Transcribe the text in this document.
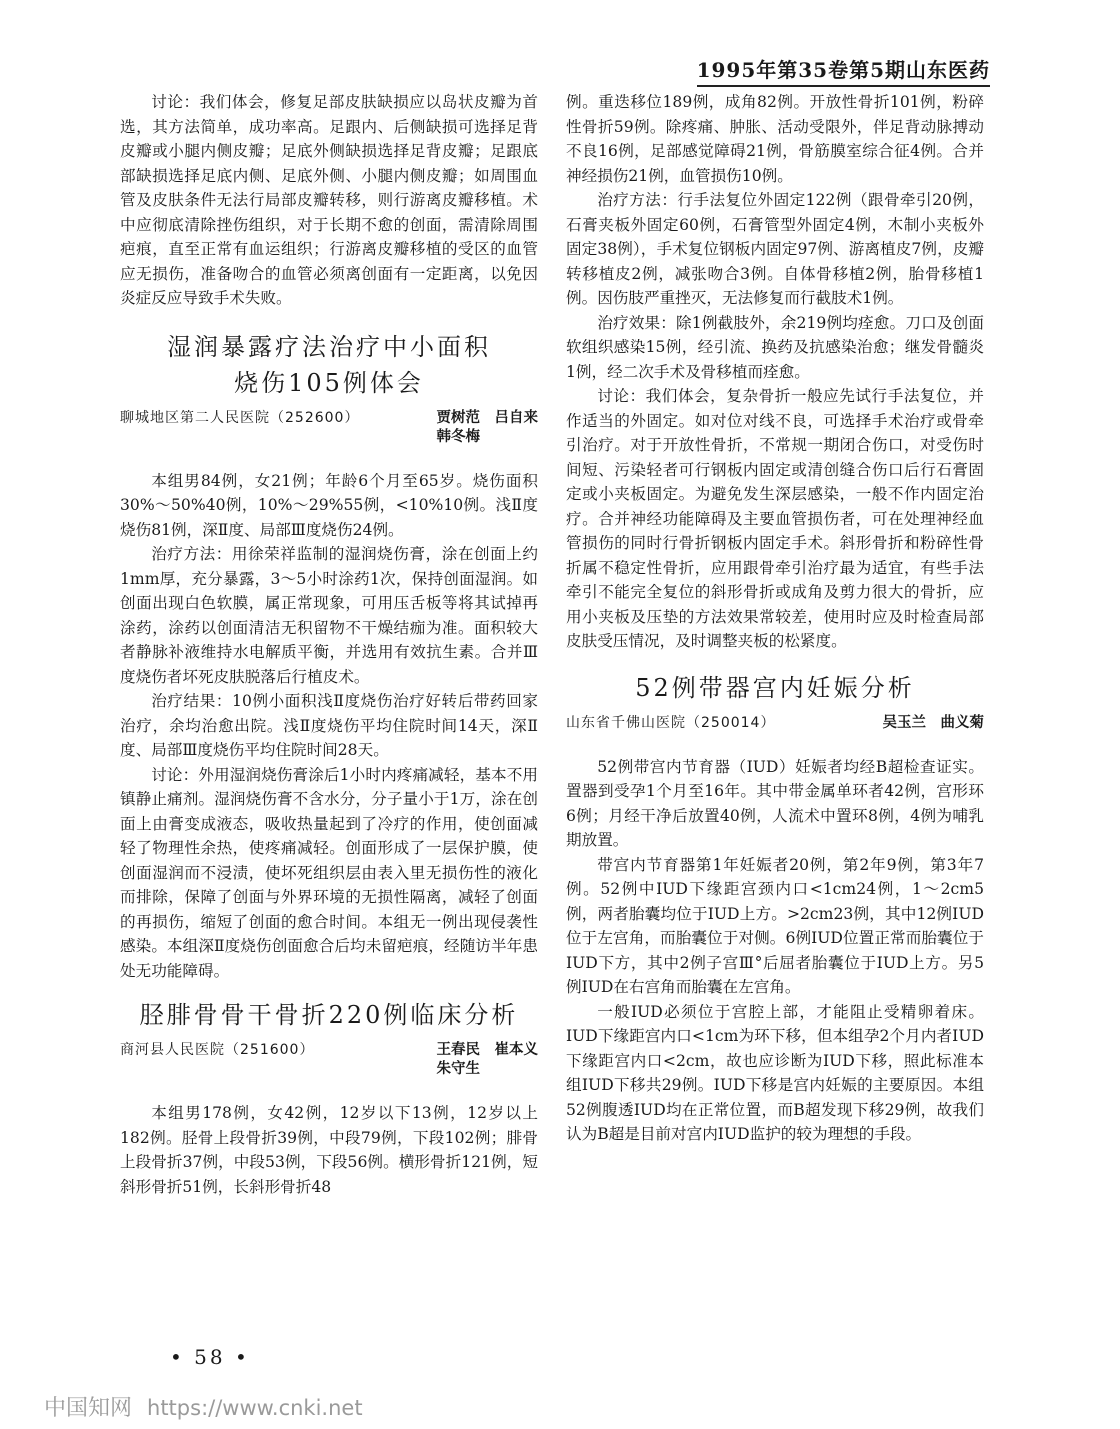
1995年第35卷第5期山东医药

讨论：我们体会，修复足部皮肤缺损应以岛状皮瓣为首选，其方法简单，成功率高。足跟内、后侧缺损可选择足背皮瓣或小腿内侧皮瓣；足底外侧缺损选择足背皮瓣；足跟底部缺损选择足底内侧、足底外侧、小腿内侧皮瓣；如周围血管及皮肤条件无法行局部皮瓣转移，则行游离皮瓣移植。术中应彻底清除挫伤组织，对于长期不愈的创面，需清除周围疤痕，直至正常有血运组织；行游离皮瓣移植的受区的血管应无损伤，准备吻合的血管必须离创面有一定距离，以免因炎症反应导致手术失败。

湿润暴露疗法治疗中小面积
烧伤105例体会
聊城地区第二人民医院（252600）	贾树范　吕自来
韩冬梅

本组男84例，女21例；年龄6个月至65岁。烧伤面积30%～50%40例，10%～29%55例，<10%10例。浅Ⅱ度烧伤81例，深Ⅱ度、局部Ⅲ度烧伤24例。

治疗方法：用徐荣祥监制的湿润烧伤膏，涂在创面上约1mm厚，充分暴露，3～5小时涂药1次，保持创面湿润。如创面出现白色软膜，属正常现象，可用压舌板等将其试掉再涂药，涂药以创面清洁无积留物不干燥结痂为准。面积较大者静脉补液维持水电解质平衡，并选用有效抗生素。合并Ⅲ度烧伤者坏死皮肤脱落后行植皮术。

治疗结果：10例小面积浅Ⅱ度烧伤治疗好转后带药回家治疗，余均治愈出院。浅Ⅱ度烧伤平均住院时间14天，深Ⅱ度、局部Ⅲ度烧伤平均住院时间28天。

讨论：外用湿润烧伤膏涂后1小时内疼痛减轻，基本不用镇静止痛剂。湿润烧伤膏不含水分，分子量小于1万，涂在创面上由膏变成液态，吸收热量起到了冷疗的作用，使创面减轻了物理性余热，使疼痛减轻。创面形成了一层保护膜，使创面湿润而不浸渍，使坏死组织层由表入里无损伤性的液化而排除，保障了创面与外界环境的无损性隔离，减轻了创面的再损伤，缩短了创面的愈合时间。本组无一例出现侵袭性感染。本组深Ⅱ度烧伤创面愈合后均未留疤痕，经随访半年患处无功能障碍。

胫腓骨骨干骨折220例临床分析
商河县人民医院（251600）	王春民　崔本义
朱守生

本组男178例，女42例，12岁以下13例，12岁以上182例。胫骨上段骨折39例，中段79例，下段102例；腓骨上段骨折37例，中段53例，下段56例。横形骨折121例，短斜形骨折51例，长斜形骨折48

例。重迭移位189例，成角82例。开放性骨折101例，粉碎性骨折59例。除疼痛、肿胀、活动受限外，伴足背动脉搏动不良16例，足部感觉障碍21例，骨筋膜室综合征4例。合并神经损伤21例，血管损伤10例。

治疗方法：行手法复位外固定122例（跟骨牵引20例，石膏夹板外固定60例，石膏管型外固定4例，木制小夹板外固定38例），手术复位钢板内固定97例、游离植皮7例，皮瓣转移植皮2例，减张吻合3例。自体骨移植2例，胎骨移植1例。因伤肢严重挫灭，无法修复而行截肢术1例。

治疗效果：除1例截肢外，余219例均痊愈。刀口及创面软组织感染15例，经引流、换药及抗感染治愈；继发骨髓炎1例，经二次手术及骨移植而痊愈。

讨论：我们体会，复杂骨折一般应先试行手法复位，并作适当的外固定。如对位对线不良，可选择手术治疗或骨牵引治疗。对于开放性骨折，不常规一期闭合伤口，对受伤时间短、污染轻者可行钢板内固定或清创缝合伤口后行石膏固定或小夹板固定。为避免发生深层感染，一般不作内固定治疗。合并神经功能障碍及主要血管损伤者，可在处理神经血管损伤的同时行骨折钢板内固定手术。斜形骨折和粉碎性骨折属不稳定性骨折，应用跟骨牵引治疗最为适宜，有些手法牵引不能完全复位的斜形骨折或成角及剪力很大的骨折，应用小夹板及压垫的方法效果常较差，使用时应及时检查局部皮肤受压情况，及时调整夹板的松紧度。

52例带器宫内妊娠分析
山东省千佛山医院（250014）	吴玉兰　曲义菊

52例带宫内节育器（IUD）妊娠者均经B超检查证实。置器到受孕1个月至16年。其中带金属单环者42例，宫形环6例；月经干净后放置40例，人流术中置环8例，4例为哺乳期放置。

带宫内节育器第1年妊娠者20例，第2年9例，第3年7例。52例中IUD下缘距宫颈内口<1cm24例，1～2cm5例，两者胎囊均位于IUD上方。>2cm23例，其中12例IUD位于左宫角，而胎囊位于对侧。6例IUD位置正常而胎囊位于IUD下方，其中2例子宫Ⅲ°后屈者胎囊位于IUD上方。另5例IUD在右宫角而胎囊在左宫角。

一般IUD必须位于宫腔上部，才能阻止受精卵着床。IUD下缘距宫内口<1cm为环下移，但本组孕2个月内者IUD下缘距宫内口<2cm，故也应诊断为IUD下移，照此标准本组IUD下移共29例。IUD下移是宫内妊娠的主要原因。本组52例腹透IUD均在正常位置，而B超发现下移29例，故我们认为B超是目前对宫内IUD监护的较为理想的手段。

• 58 •
中国知网 https://www.cnki.net
